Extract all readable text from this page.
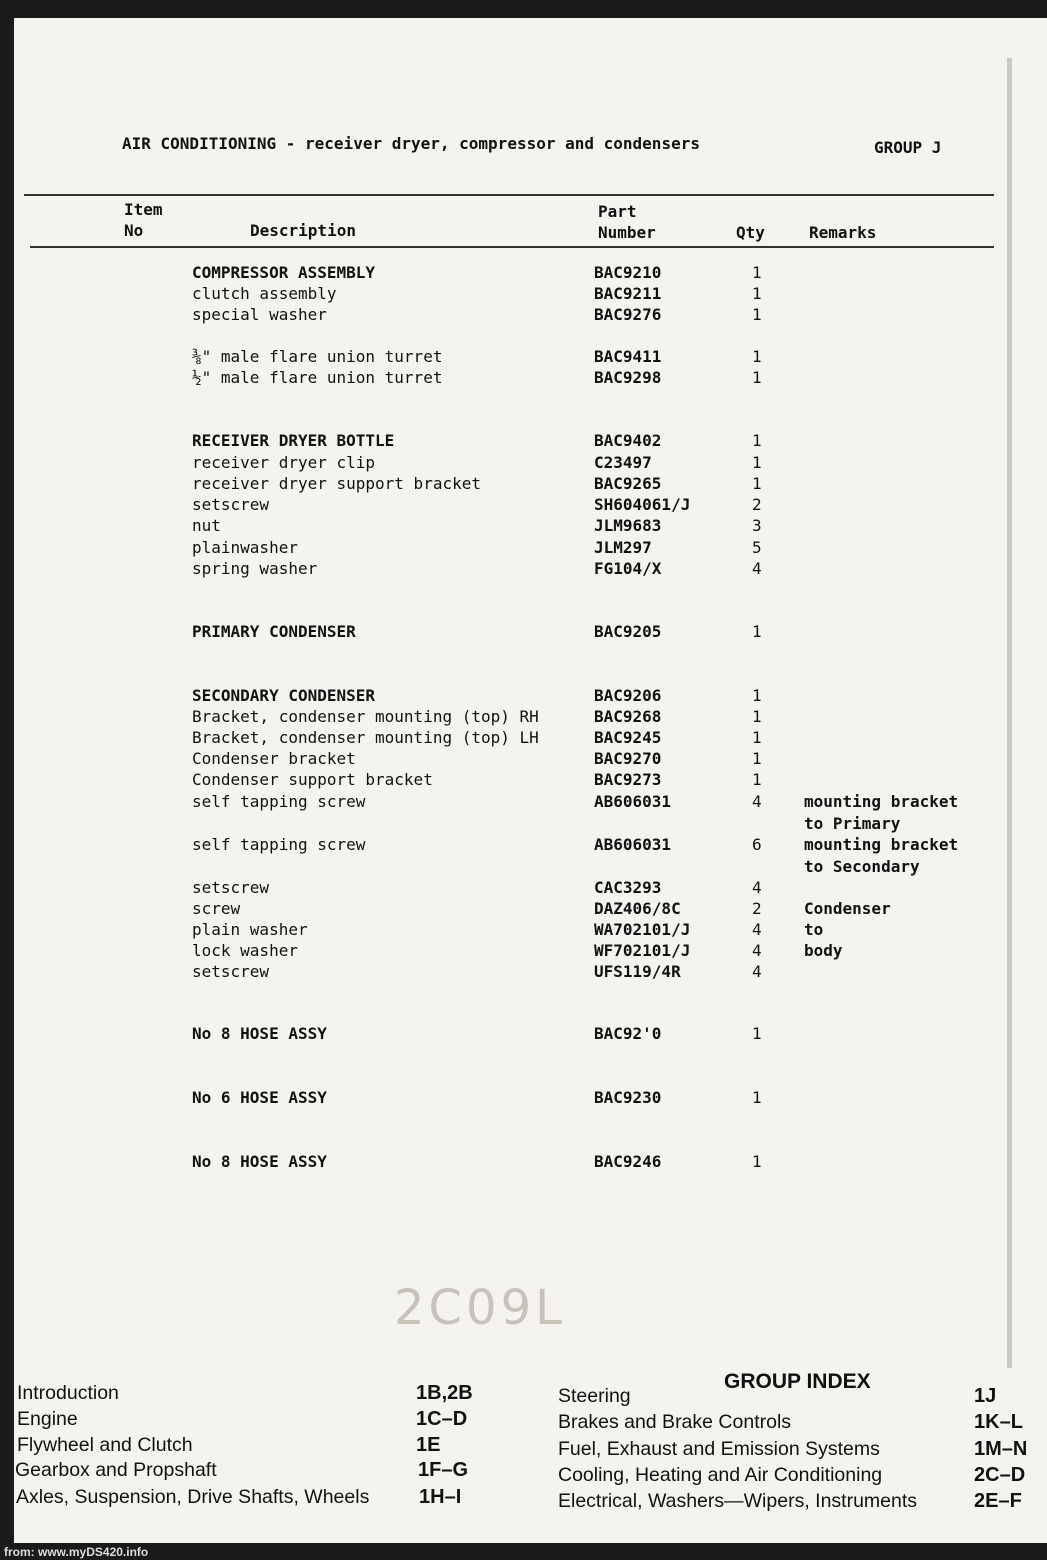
AIR CONDITIONING - receiver dryer, compressor and condensers	GROUP J
Item
No	Description
Part
Number	Qty	Remarks
COMPRESSOR ASSEMBLY	BAC9210	1
clutch assembly	BAC9211	1
special washer	BAC9276	1
⅜" male flare union turret	BAC9411	1
½" male flare union turret	BAC9298	1
RECEIVER DRYER BOTTLE	BAC9402	1
receiver dryer clip	C23497	1
receiver dryer support bracket	BAC9265	1
setscrew	SH604061/J	2
nut	JLM9683	3
plainwasher	JLM297	5
spring washer	FG104/X	4
PRIMARY CONDENSER	BAC9205	1
SECONDARY CONDENSER	BAC9206	1
Bracket, condenser mounting (top) RH	BAC9268	1
Bracket, condenser mounting (top) LH	BAC9245	1
Condenser bracket	BAC9270	1
Condenser support bracket	BAC9273	1
self tapping screw	AB606031	4	mounting bracket
to Primary
self tapping screw	AB606031	6	mounting bracket
to Secondary
setscrew	CAC3293	4
screw	DAZ406/8C	2	Condenser
plain washer	WA702101/J	4	to
lock washer	WF702101/J	4	body
setscrew	UFS119/4R	4
No 8 HOSE ASSY	BAC92'0	1
No 6 HOSE ASSY	BAC9230	1
No 8 HOSE ASSY	BAC9246	1
2C09L
GROUP INDEX
Introduction	1B,2B
Engine	1C–D
Flywheel and Clutch	1E
Gearbox and Propshaft	1F–G
Axles, Suspension, Drive Shafts, Wheels 1H–I
Steering	1J
Brakes and Brake Controls	1K–L
Fuel, Exhaust and Emission Systems	1M–N
Cooling, Heating and Air Conditioning	2C–D
Electrical, Washers—Wipers, Instruments	2E–F
from: www.myDS420.info
